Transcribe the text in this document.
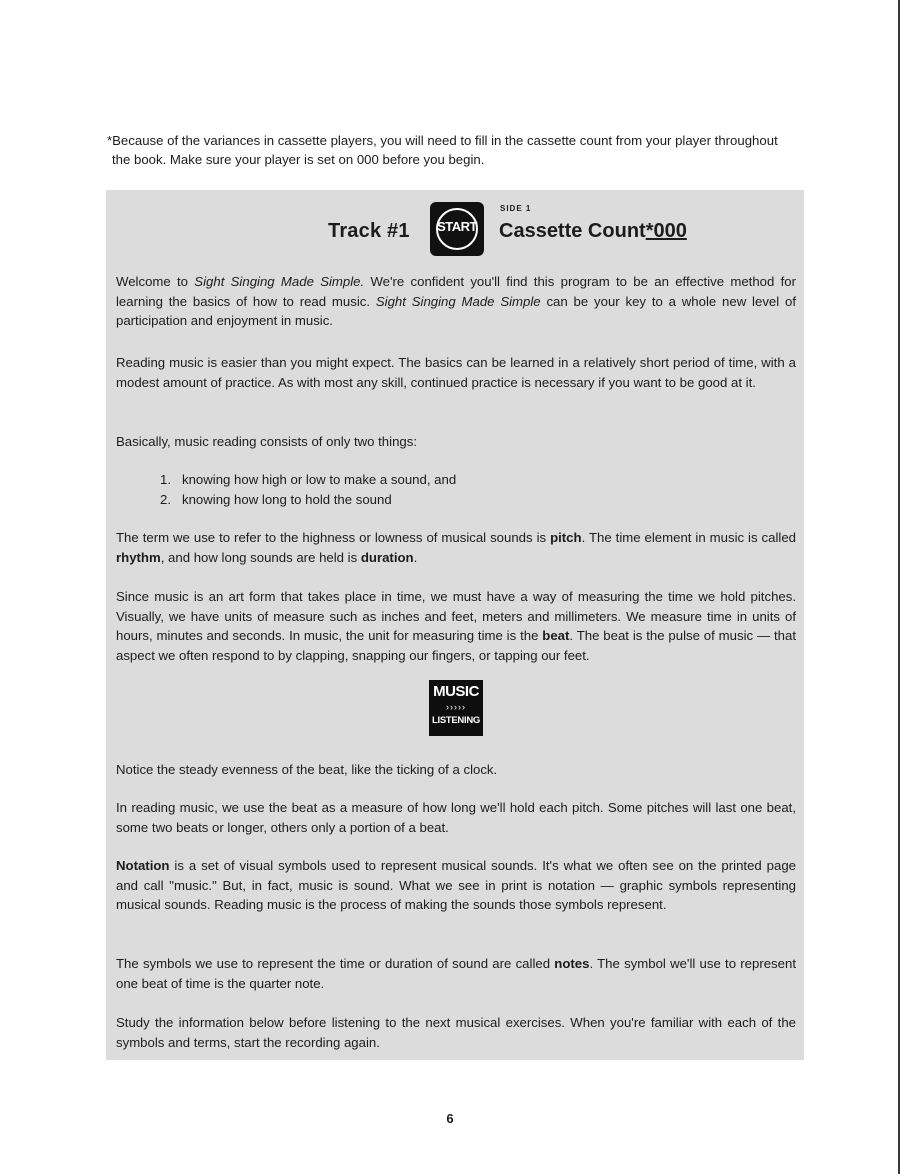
*Because of the variances in cassette players, you will need to fill in the cassette count from your player throughout the book. Make sure your player is set on 000 before you begin.
Track #1	START
SIDE 1
Cassette Count*000
Welcome to Sight Singing Made Simple. We're confident you'll find this program to be an effective method for learning the basics of how to read music. Sight Singing Made Simple can be your key to a whole new level of participation and enjoyment in music.
Reading music is easier than you might expect. The basics can be learned in a relatively short period of time, with a modest amount of practice. As with most any skill, continued practice is necessary if you want to be good at it.
Basically, music reading consists of only two things:
1. knowing how high or low to make a sound, and
2. knowing how long to hold the sound
The term we use to refer to the highness or lowness of musical sounds is pitch. The time element in music is called rhythm, and how long sounds are held is duration.
Since music is an art form that takes place in time, we must have a way of measuring the time we hold pitches. Visually, we have units of measure such as inches and feet, meters and millimeters. We measure time in units of hours, minutes and seconds. In music, the unit for measuring time is the beat. The beat is the pulse of music — that aspect we often respond to by clapping, snapping our fingers, or tapping our feet.
MUSIC
›››››
LISTENING
Notice the steady evenness of the beat, like the ticking of a clock.
In reading music, we use the beat as a measure of how long we'll hold each pitch. Some pitches will last one beat, some two beats or longer, others only a portion of a beat.
Notation is a set of visual symbols used to represent musical sounds. It's what we often see on the printed page and call "music." But, in fact, music is sound. What we see in print is notation — graphic symbols representing musical sounds. Reading music is the process of making the sounds those symbols represent.
The symbols we use to represent the time or duration of sound are called notes. The symbol we'll use to represent one beat of time is the quarter note.
Study the information below before listening to the next musical exercises. When you're familiar with each of the symbols and terms, start the recording again.
6
